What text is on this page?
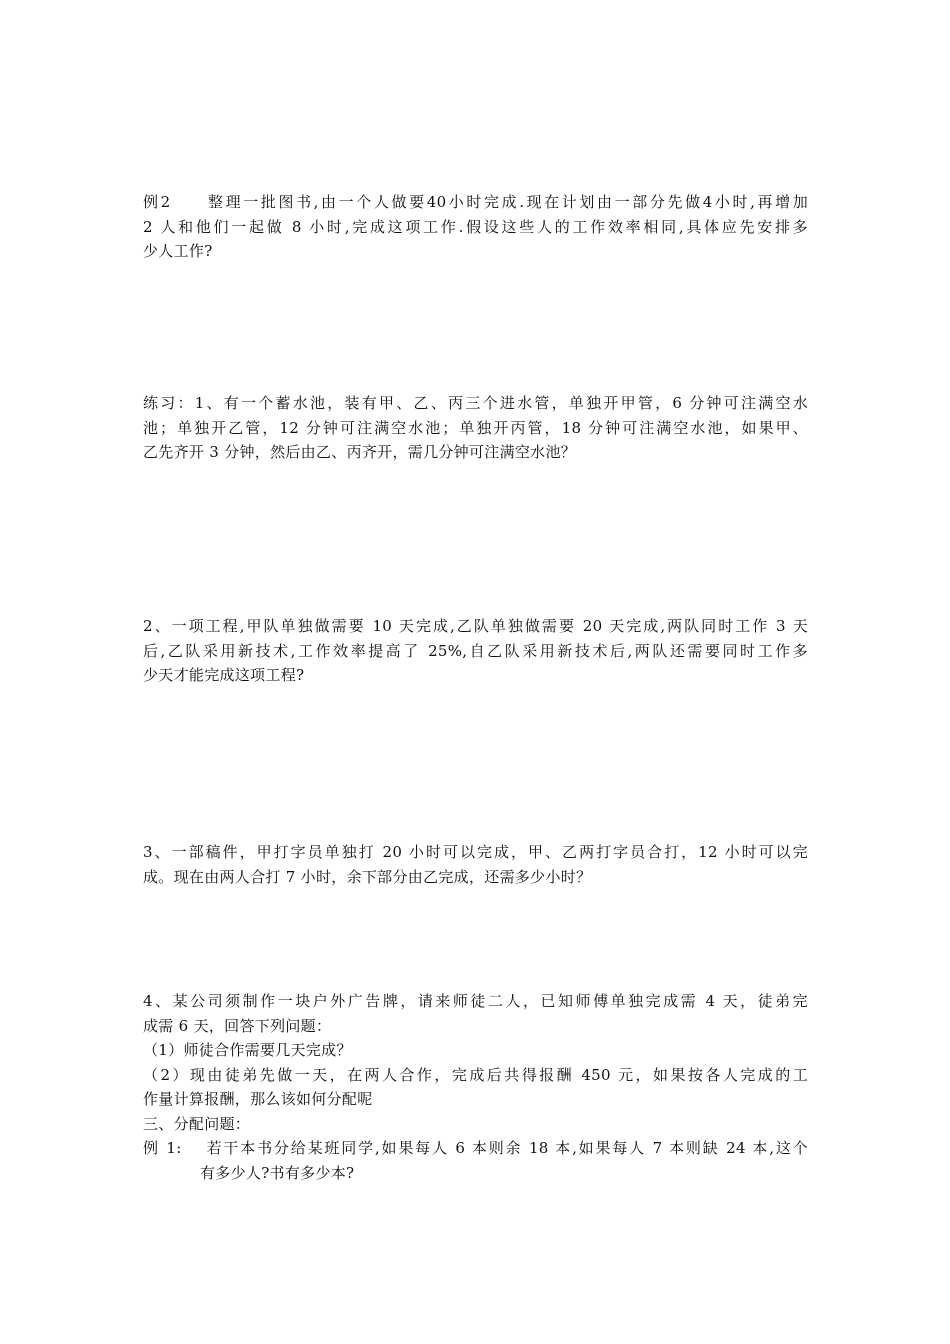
例2　　整理一批图书,由一个人做要40小时完成.现在计划由一部分先做4小时,再增加
2 人和他们一起做 8 小时,完成这项工作.假设这些人的工作效率相同,具体应先安排多
少人工作?
练习：1、有一个蓄水池，装有甲、乙、丙三个进水管，单独开甲管，6 分钟可注满空水
池；单独开乙管，12 分钟可注满空水池；单独开丙管，18 分钟可注满空水池，如果甲、
乙先齐开 3 分钟，然后由乙、丙齐开，需几分钟可注满空水池？
2、一项工程,甲队单独做需要 10 天完成,乙队单独做需要 20 天完成,两队同时工作 3 天
后,乙队采用新技术,工作效率提高了 25%,自乙队采用新技术后,两队还需要同时工作多
少天才能完成这项工程?
3、一部稿件，甲打字员单独打 20 小时可以完成，甲、乙两打字员合打，12 小时可以完
成。现在由两人合打 7 小时，余下部分由乙完成，还需多少小时？
4、某公司须制作一块户外广告牌，请来师徒二人，已知师傅单独完成需 4 天，徒弟完
成需 6 天，回答下列问题：
（1）师徒合作需要几天完成？
（2）现由徒弟先做一天，在两人合作，完成后共得报酬 450 元，如果按各人完成的工
作量计算报酬，那么该如何分配呢
三、分配问题：
例 1:　 若干本书分给某班同学,如果每人 6 本则余 18 本,如果每人 7 本则缺 24 本,这个
有多少人?书有多少本?
